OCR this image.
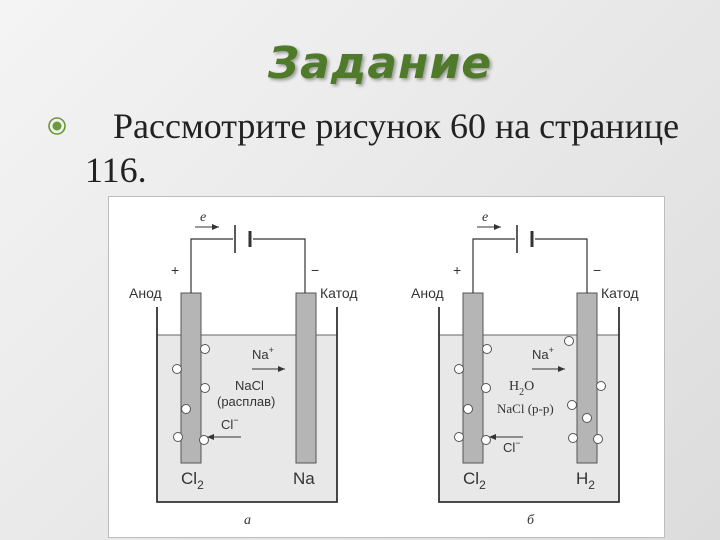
Задание
Рассмотрите рисунок 60 на странице 116.
e
+	−
Анод	Катод
Na+
NaCl
(расплав)
Cl−
$Cl_2$	Na
а
e
+	−
Анод	Катод
Na+
$H_2O$
NaCl (р-р)
Cl−
$Cl_2$	$H_2$
б
